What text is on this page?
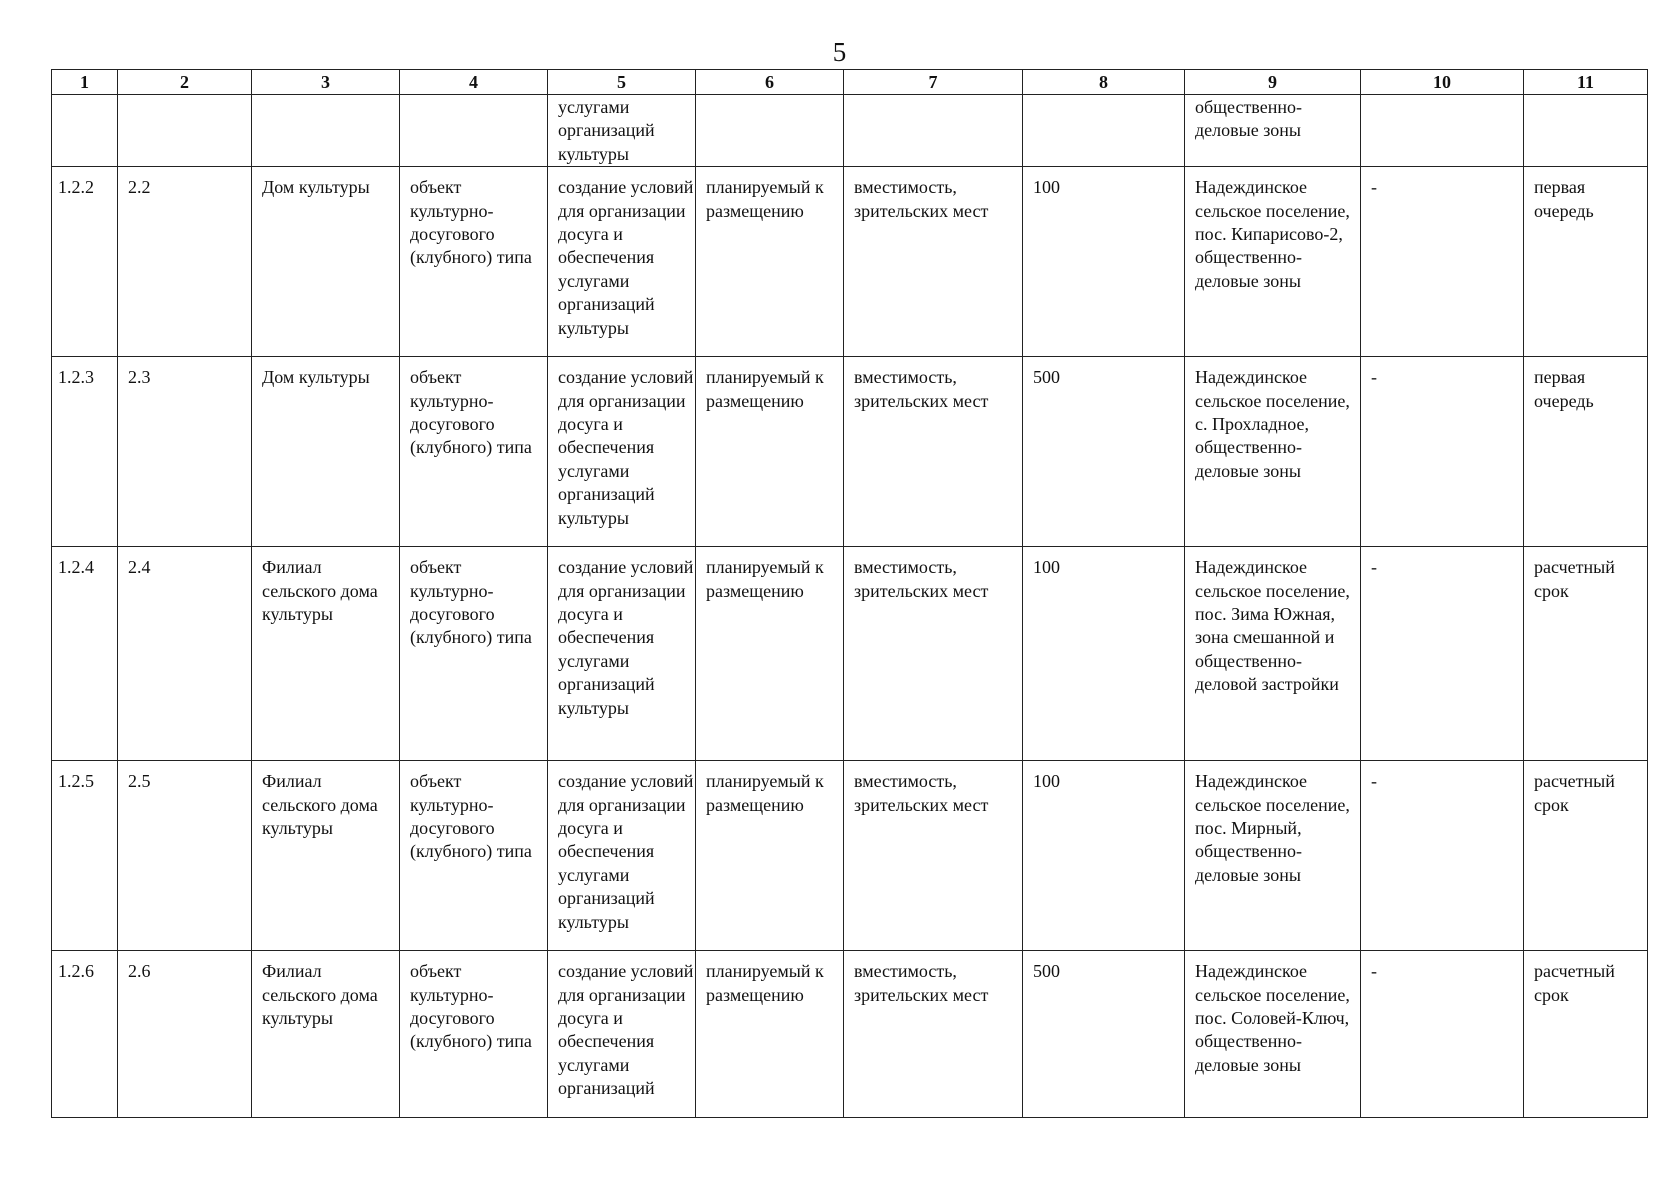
5
1	2	3	4	5	6	7	8	9	10	11
				услугами организаций культуры				общественно-деловые зоны		
1.2.2	2.2	Дом культуры	объект культурно-досугового (клубного) типа	создание условий для организации досуга и обеспечения услугами организаций культуры	планируемый к размещению	вместимость, зрительских мест	100	Надеждинское сельское поселение, пос. Кипарисово-2, общественно-деловые зоны	-	первая очередь
1.2.3	2.3	Дом культуры	объект культурно-досугового (клубного) типа	создание условий для организации досуга и обеспечения услугами организаций культуры	планируемый к размещению	вместимость, зрительских мест	500	Надеждинское сельское поселение, с. Прохладное, общественно-деловые зоны	-	первая очередь
1.2.4	2.4	Филиал сельского дома культуры	объект культурно-досугового (клубного) типа	создание условий для организации досуга и обеспечения услугами организаций культуры	планируемый к размещению	вместимость, зрительских мест	100	Надеждинское сельское поселение, пос. Зима Южная, зона смешанной и общественно-деловой застройки	-	расчетный срок
1.2.5	2.5	Филиал сельского дома культуры	объект культурно-досугового (клубного) типа	создание условий для организации досуга и обеспечения услугами организаций культуры	планируемый к размещению	вместимость, зрительских мест	100	Надеждинское сельское поселение, пос. Мирный, общественно-деловые зоны	-	расчетный срок
1.2.6	2.6	Филиал сельского дома культуры	объект культурно-досугового (клубного) типа	создание условий для организации досуга и обеспечения услугами организаций	планируемый к размещению	вместимость, зрительских мест	500	Надеждинское сельское поселение, пос. Соловей-Ключ, общественно-деловые зоны	-	расчетный срок
